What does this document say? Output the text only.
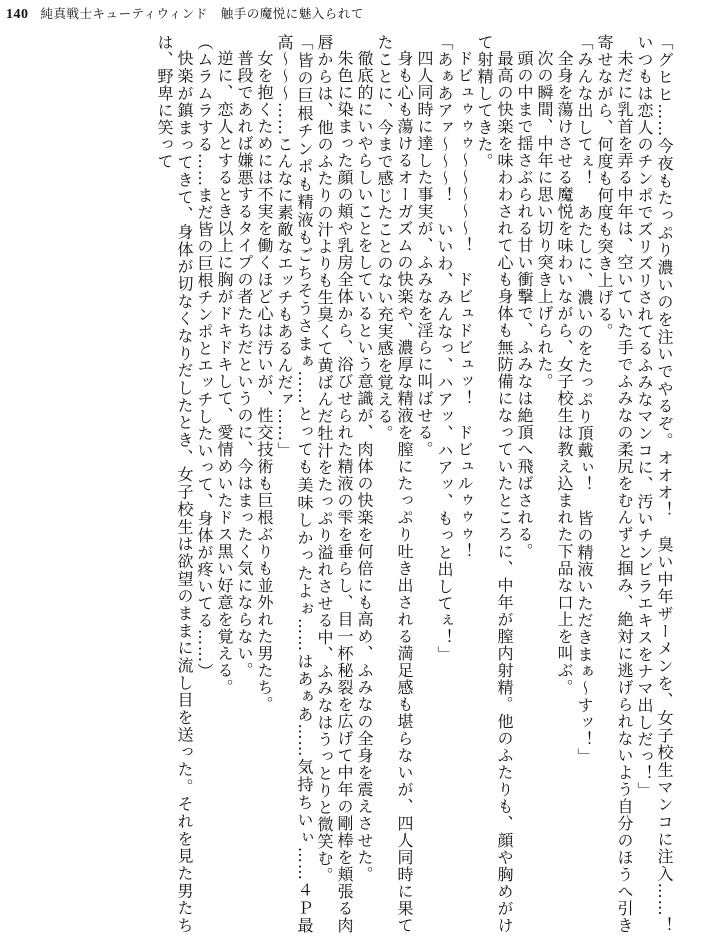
140 純真戦士キューティウィンド　触手の魔悦に魅入られて

「グヒヒ……今夜もたっぷり濃いのを注いでやるぞ。オオオ！　臭い中年ザーメンを、女子校生マンコに注入……！　いつもは恋人のチンポでズリズリされてるふみなマンコに、汚いチンビラエキスをナマ出しだっ！」

未だに乳首を弄る中年は、空いていた手でふみなの柔尻をむんずと掴み、絶対に逃げられないよう自分のほうへ引き寄せながら、何度も何度も突き上げる。

「みんな出してぇ！　あたしに、濃いのをたっぷり頂戴ぃ！　皆の精液いただきまぁ〜すッ！」

全身を蕩けさせる魔悦を味わいながら、女子校生は教え込まれた下品な口上を叫ぶ。

次の瞬間、中年に思い切り突き上げられた。

頭の中まで揺さぶられる甘い衝撃で、ふみなは絶頂へ飛ばされる。

最高の快楽を味わわされて心も身体も無防備になっていたところに、中年が膣内射精。他のふたりも、顔や胸めがけて射精してきた。

ドビュゥゥゥ〜〜〜〜〜！　ドビュドビュッ！　ドビュルゥゥゥ！

「あぁあアァ〜〜〜！　いいわ、みんなっ、ハアッ、ハアッ、もっと出してぇ！」

四人同時に達した事実が、ふみなを淫らに叫ばせる。

身も心も蕩けるオーガズムの快楽や、濃厚な精液を膣にたっぷり吐き出される満足感も堪らないが、四人同時に果てたことに、今まで感じたことのない充実感を覚える。

徹底的にいやらしいことをしているという意識が、肉体の快楽を何倍にも高め、ふみなの全身を震えさせた。

朱色に染まった顔の頬や乳房全体から、浴びせられた精液の雫を垂らし、目一杯秘裂を広げて中年の剛棒を頬張る肉唇からは、他のふたりの汁よりも生臭くて黄ばんだ牡汁をたっぷり溢れさせる中、ふみなはうっとりと微笑む。

「皆の巨根チンポも精液もごちそうさまぁ……とっても美味しかったよぉ……はあぁあ……気持ちいぃ……４Ｐ最高〜〜〜……こんなに素敵なエッチもあるんだァ……」

女を抱くためには不実を働くほど心は汚いが、性交技術も巨根ぶりも並外れた男たち。

普段であれば嫌悪するタイプの者たちだというのに、今はまったく気にならない。

逆に、恋人とするとき以上に胸がドキドキして、愛情めいたドス黒い好意を覚える。

（ムラムラする……まだ皆の巨根チンポとエッチしたいって、身体が疼いてる……）

快楽が鎮まってきて、身体が切なくなりだしたとき、女子校生は欲望のままに流し目を送った。それを見た男たちは、野卑に笑って
